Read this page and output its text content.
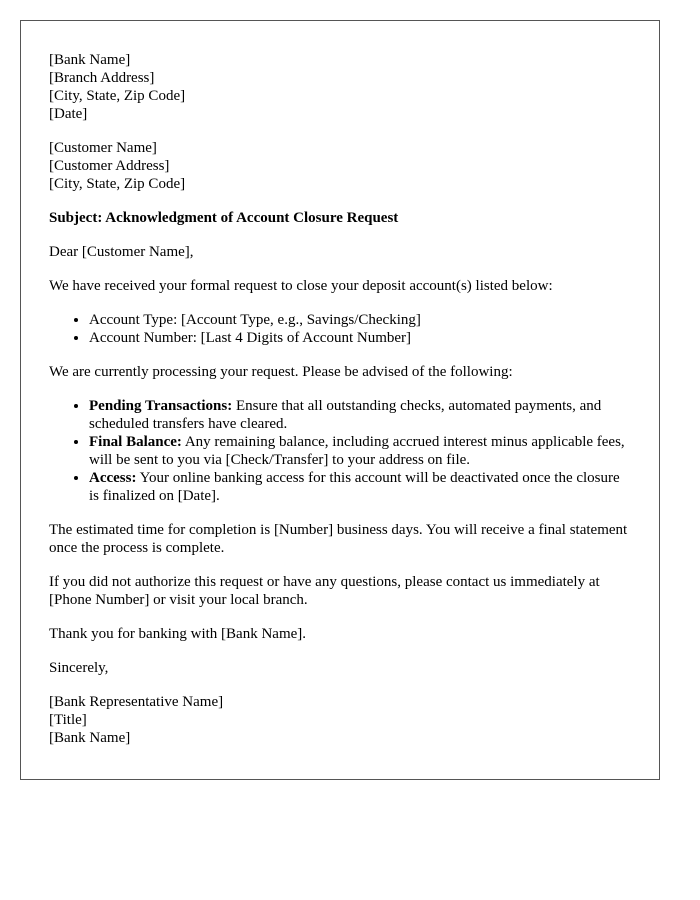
[Bank Name]
[Branch Address]
[City, State, Zip Code]
[Date]
[Customer Name]
[Customer Address]
[City, State, Zip Code]

Subject: Acknowledgment of Account Closure Request

Dear [Customer Name],

We have received your formal request to close your deposit account(s) listed below:

• Account Type: [Account Type, e.g., Savings/Checking]
• Account Number: [Last 4 Digits of Account Number]

We are currently processing your request. Please be advised of the following:

• Pending Transactions: Ensure that all outstanding checks, automated payments, and scheduled transfers have cleared.
• Final Balance: Any remaining balance, including accrued interest minus applicable fees, will be sent to you via [Check/Transfer] to your address on file.
• Access: Your online banking access for this account will be deactivated once the closure is finalized on [Date].

The estimated time for completion is [Number] business days. You will receive a final statement once the process is complete.

If you did not authorize this request or have any questions, please contact us immediately at [Phone Number] or visit your local branch.

Thank you for banking with [Bank Name].

Sincerely,

[Bank Representative Name]
[Title]
[Bank Name]
